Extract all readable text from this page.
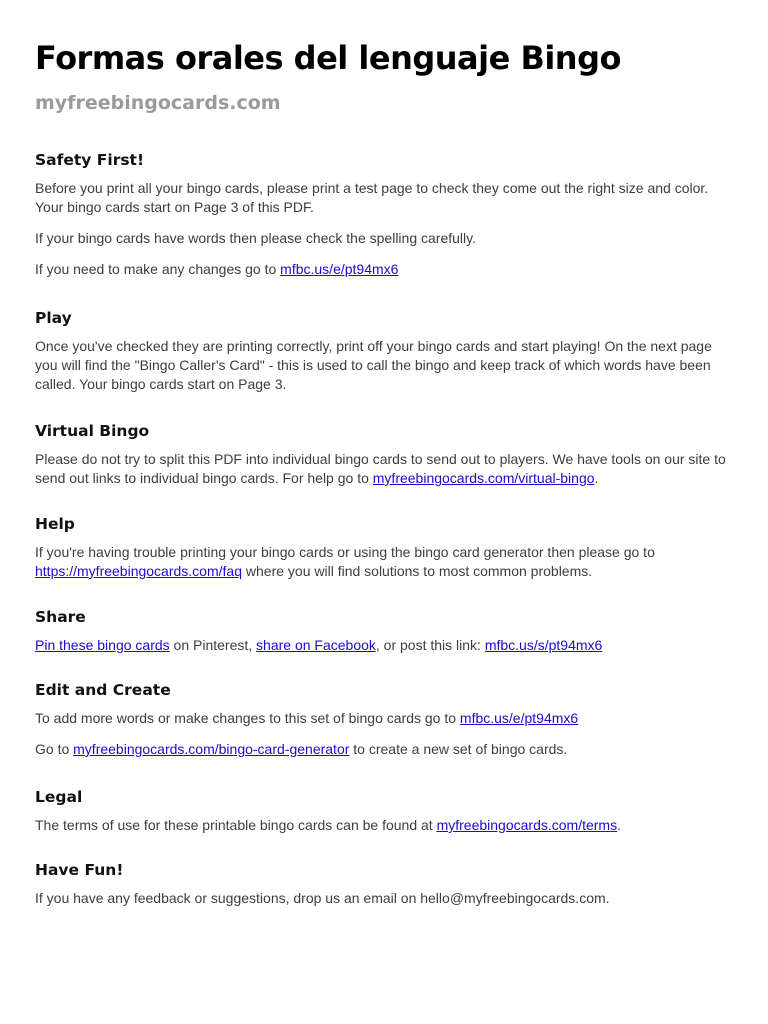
Formas orales del lenguaje Bingo
myfreebingocards.com
Safety First!

Before you print all your bingo cards, please print a test page to check they come out the right size and color. Your bingo cards start on Page 3 of this PDF.

If your bingo cards have words then please check the spelling carefully.

If you need to make any changes go to mfbc.us/e/pt94mx6

Play

Once you've checked they are printing correctly, print off your bingo cards and start playing! On the next page you will find the "Bingo Caller's Card" - this is used to call the bingo and keep track of which words have been called. Your bingo cards start on Page 3.

Virtual Bingo

Please do not try to split this PDF into individual bingo cards to send out to players. We have tools on our site to send out links to individual bingo cards. For help go to myfreebingocards.com/virtual-bingo.

Help

If you're having trouble printing your bingo cards or using the bingo card generator then please go to https://myfreebingocards.com/faq where you will find solutions to most common problems.

Share

Pin these bingo cards on Pinterest, share on Facebook, or post this link: mfbc.us/s/pt94mx6

Edit and Create

To add more words or make changes to this set of bingo cards go to mfbc.us/e/pt94mx6

Go to myfreebingocards.com/bingo-card-generator to create a new set of bingo cards.

Legal

The terms of use for these printable bingo cards can be found at myfreebingocards.com/terms.

Have Fun!

If you have any feedback or suggestions, drop us an email on hello@myfreebingocards.com.
